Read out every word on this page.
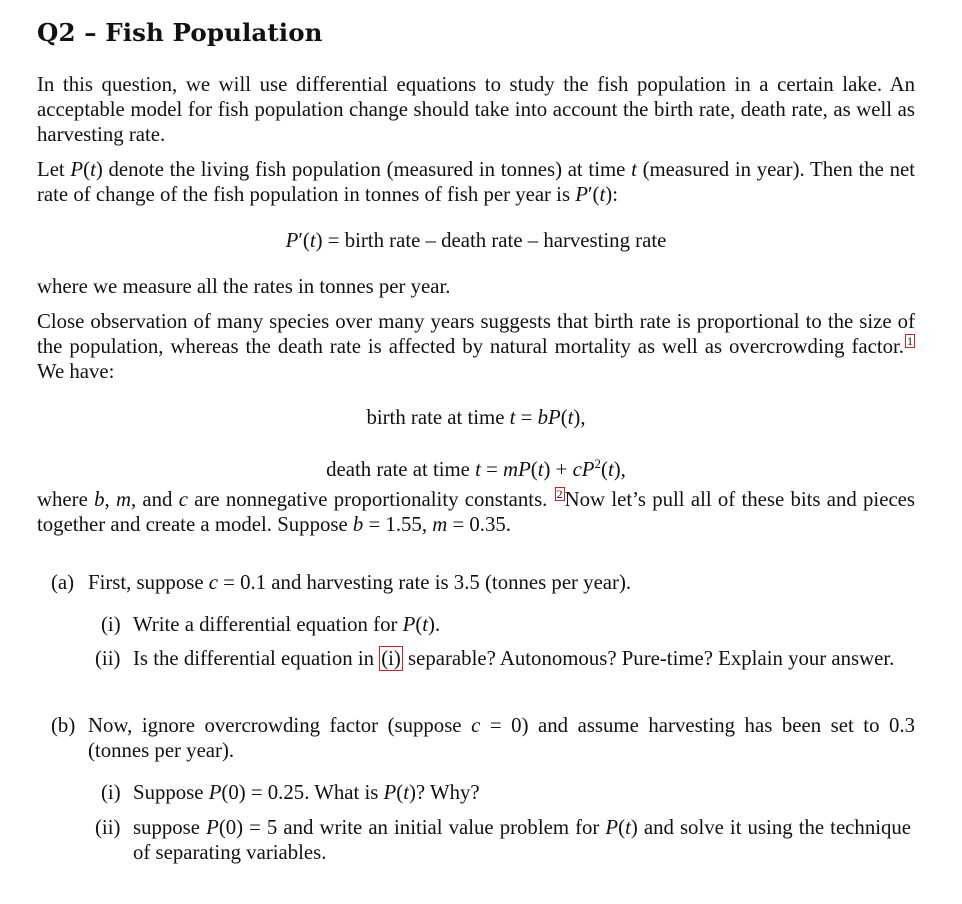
Q2 – Fish Population

In this question, we will use differential equations to study the fish population in a certain lake. An acceptable model for fish population change should take into account the birth rate, death rate, as well as harvesting rate.

Let P(t) denote the living fish population (measured in tonnes) at time t (measured in year). Then the net rate of change of the fish population in tonnes of fish per year is P′(t):

P′(t) = birth rate – death rate – harvesting rate

where we measure all the rates in tonnes per year.

Close observation of many species over many years suggests that birth rate is proportional to the size of the population, whereas the death rate is affected by natural mortality as well as overcrowding factor. 1 We have:

birth rate at time t = bP(t),

death rate at time $t = mP(t) + cP^2(t)$,

where b, m, and c are nonnegative proportionality constants. 2Now let’s pull all of these bits and pieces together and create a model. Suppose b = 1.55, m = 0.35.

(a) First, suppose c = 0.1 and harvesting rate is 3.5 (tonnes per year).
(i) Write a differential equation for P(t).
(ii) Is the differential equation in (i) separable? Autonomous? Pure-time? Explain your answer.
(b) Now, ignore overcrowding factor (suppose c = 0) and assume harvesting has been set to 0.3 (tonnes per year).
(i) Suppose P(0) = 0.25. What is P(t)? Why?
(ii) suppose P(0) = 5 and write an initial value problem for P(t) and solve it using the technique of separating variables.
